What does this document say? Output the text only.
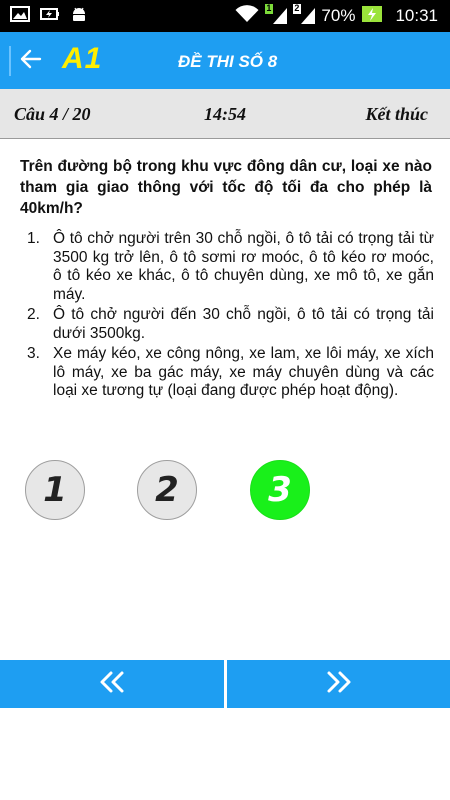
1	2 70% 10:31
A1	ĐỀ THI SỐ 8
Câu 4 / 20	14:54	Kết thúc
Trên đường bộ trong khu vực đông dân cư, loại xe nào tham gia giao thông với tốc độ tối đa cho phép là 40km/h?
1. Ô tô chở người trên 30 chỗ ngồi, ô tô tải có trọng tải từ 3500 kg trở lên, ô tô sơmi rơ moóc, ô tô kéo rơ moóc, ô tô kéo xe khác, ô tô chuyên dùng, xe mô tô, xe gắn máy.
2. Ô tô chở người đến 30 chỗ ngồi, ô tô tải có trọng tải dưới 3500kg.
3. Xe máy kéo, xe công nông, xe lam, xe lôi máy, xe xích lô máy, xe ba gác máy, xe máy chuyên dùng và các loại xe tương tự (loại đang được phép hoạt động).
1	2	3
